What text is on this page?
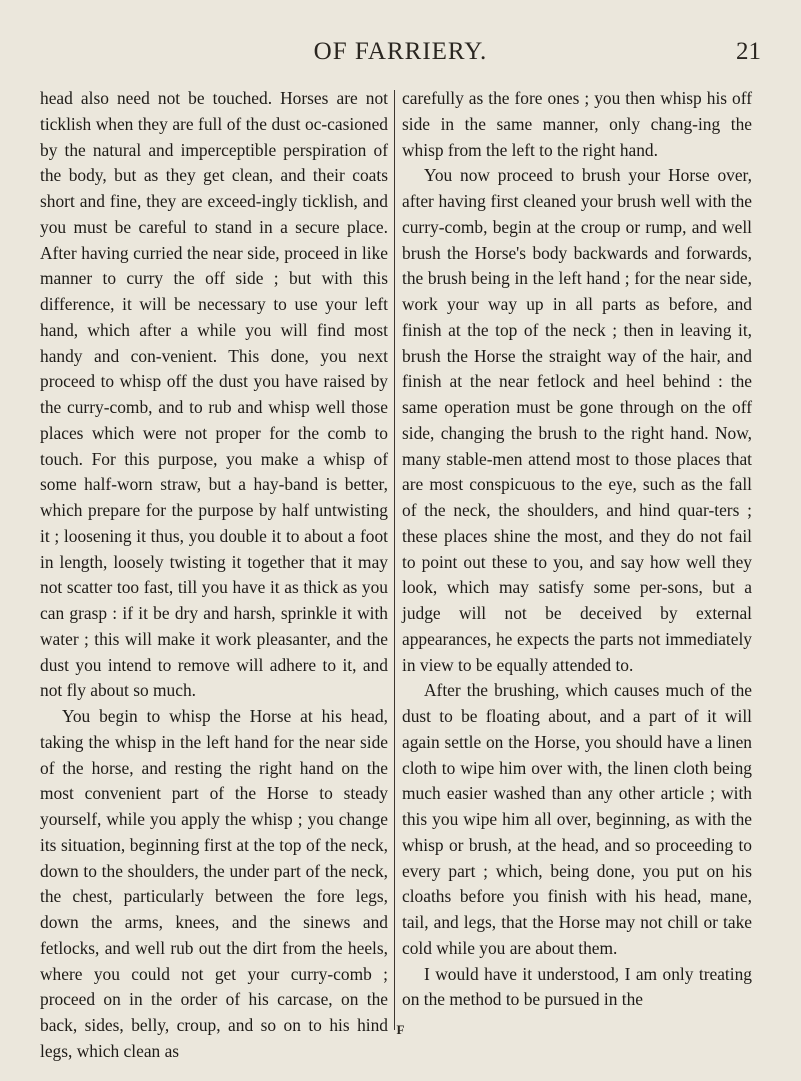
OF FARRIERY.	21

head also need not be touched. Horses are not ticklish when they are full of the dust oc-casioned by the natural and imperceptible perspiration of the body, but as they get clean, and their coats short and fine, they are exceed-ingly ticklish, and you must be careful to stand in a secure place. After having curried the near side, proceed in like manner to curry the off side ; but with this difference, it will be necessary to use your left hand, which after a while you will find most handy and con-venient. This done, you next proceed to whisp off the dust you have raised by the curry-comb, and to rub and whisp well those places which were not proper for the comb to touch. For this purpose, you make a whisp of some half-worn straw, but a hay-band is better, which prepare for the purpose by half untwisting it ; loosening it thus, you double it to about a foot in length, loosely twisting it together that it may not scatter too fast, till you have it as thick as you can grasp : if it be dry and harsh, sprinkle it with water ; this will make it work pleasanter, and the dust you intend to remove will adhere to it, and not fly about so much.

You begin to whisp the Horse at his head, taking the whisp in the left hand for the near side of the horse, and resting the right hand on the most convenient part of the Horse to steady yourself, while you apply the whisp ; you change its situation, beginning first at the top of the neck, down to the shoulders, the under part of the neck, the chest, particularly between the fore legs, down the arms, knees, and the sinews and fetlocks, and well rub out the dirt from the heels, where you could not get your curry-comb ; proceed on in the order of his carcase, on the back, sides, belly, croup, and so on to his hind legs, which clean as

carefully as the fore ones ; you then whisp his off side in the same manner, only chang-ing the whisp from the left to the right hand.

You now proceed to brush your Horse over, after having first cleaned your brush well with the curry-comb, begin at the croup or rump, and well brush the Horse's body backwards and forwards, the brush being in the left hand ; for the near side, work your way up in all parts as before, and finish at the top of the neck ; then in leaving it, brush the Horse the straight way of the hair, and finish at the near fetlock and heel behind : the same operation must be gone through on the off side, changing the brush to the right hand. Now, many stable-men attend most to those places that are most conspicuous to the eye, such as the fall of the neck, the shoulders, and hind quar-ters ; these places shine the most, and they do not fail to point out these to you, and say how well they look, which may satisfy some per-sons, but a judge will not be deceived by external appearances, he expects the parts not immediately in view to be equally attended to.

After the brushing, which causes much of the dust to be floating about, and a part of it will again settle on the Horse, you should have a linen cloth to wipe him over with, the linen cloth being much easier washed than any other article ; with this you wipe him all over, beginning, as with the whisp or brush, at the head, and so proceeding to every part ; which, being done, you put on his cloaths before you finish with his head, mane, tail, and legs, that the Horse may not chill or take cold while you are about them.

I would have it understood, I am only treating on the method to be pursued in the

F
